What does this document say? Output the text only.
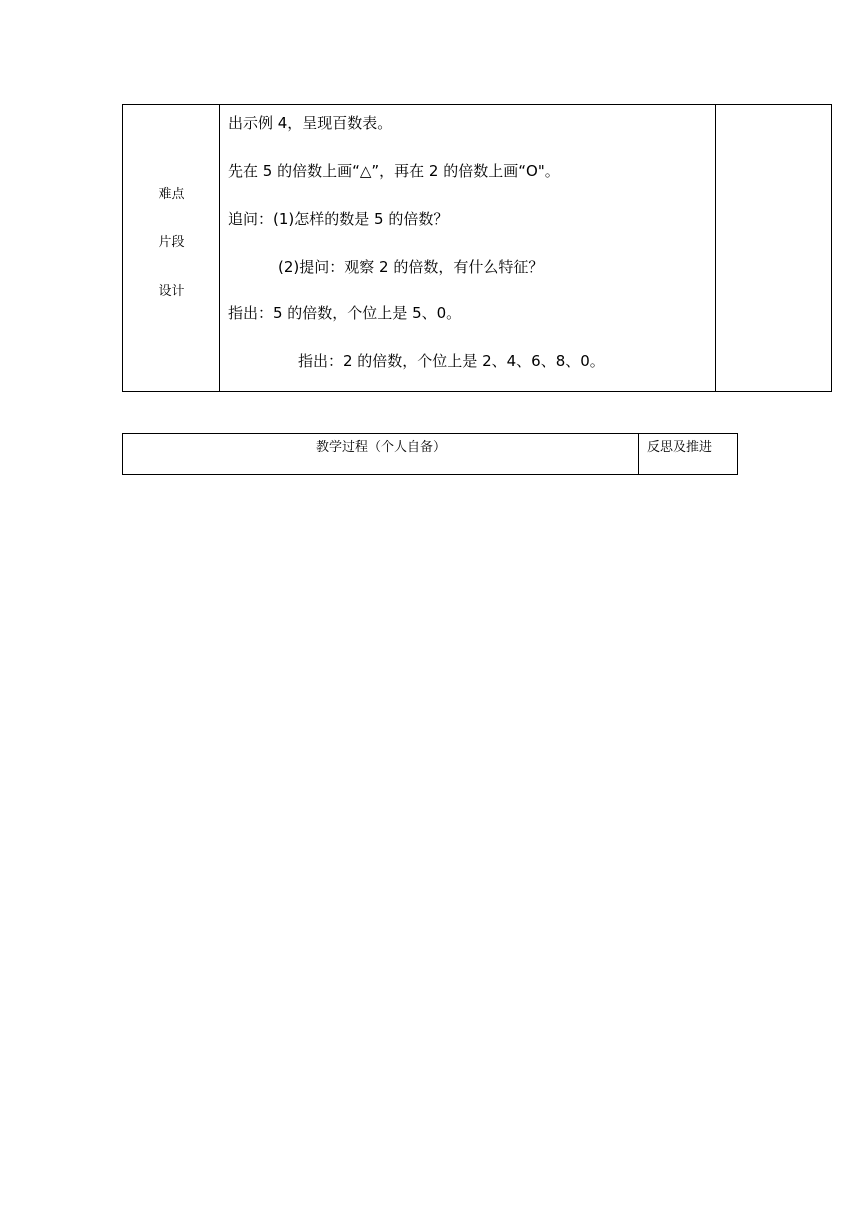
难点
片段
设计
出示例 4，呈现百数表。
先在 5 的倍数上画“△”，再在 2 的倍数上画“O"。
追问：(1)怎样的数是 5 的倍数？
(2)提问：观察 2 的倍数，有什么特征？
指出：5 的倍数，个位上是 5、0。
指出：2 的倍数，个位上是 2、4、6、8、0。
教学过程（个人自备）	反思及推进
